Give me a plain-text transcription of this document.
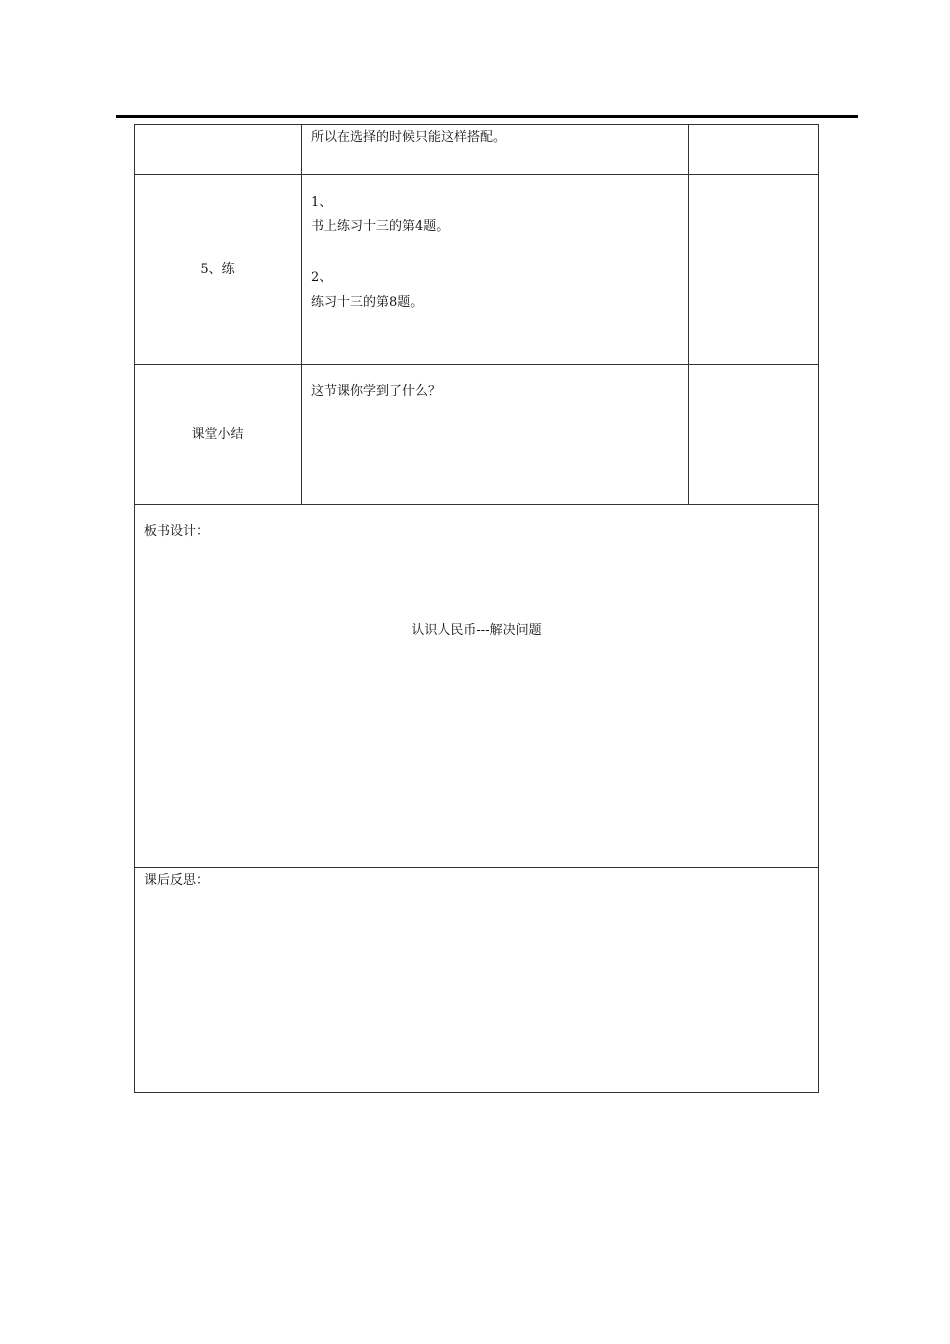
所以在选择的时候只能这样搭配。
5、练
1、
书上练习十三的第4题。
2、
练习十三的第8题。
课堂小结
这节课你学到了什么？
板书设计：
认识人民币---解决问题
课后反思：
